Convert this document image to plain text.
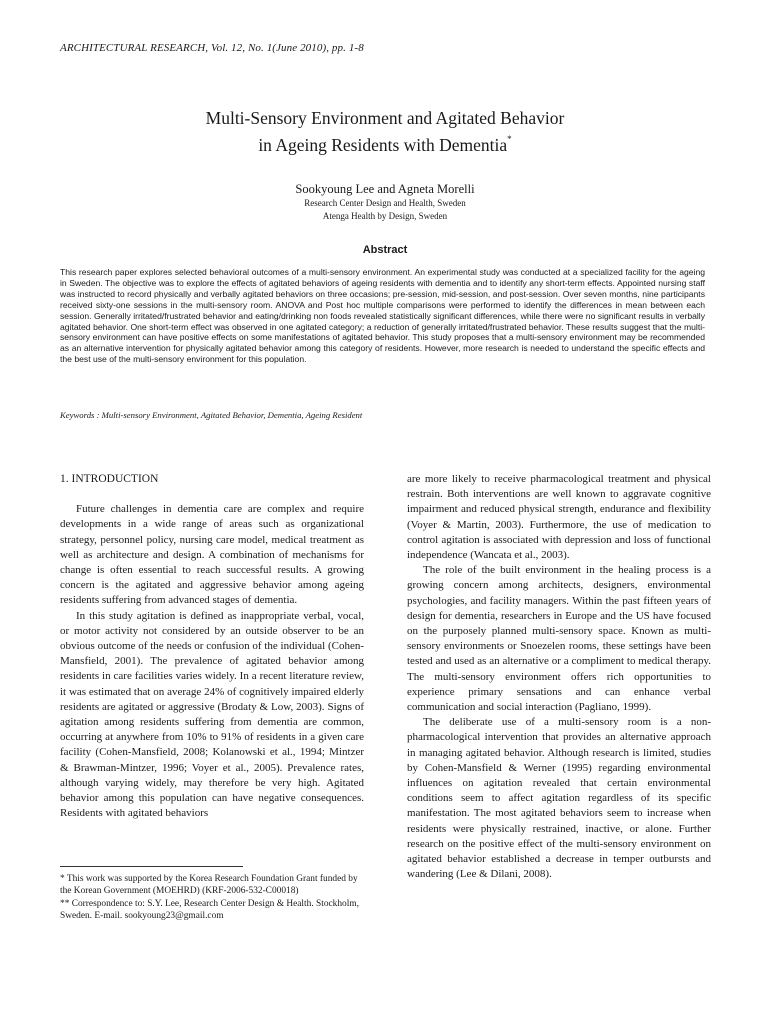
ARCHITECTURAL RESEARCH, Vol. 12, No. 1(June 2010), pp. 1-8
Multi-Sensory Environment and Agitated Behavior
in Ageing Residents with Dementia*
Sookyoung Lee and Agneta Morelli
Research Center Design and Health, Sweden
Atenga Health by Design, Sweden
Abstract
This research paper explores selected behavioral outcomes of a multi-sensory environment. An experimental study was conducted at a specialized facility for the ageing in Sweden. The objective was to explore the effects of agitated behaviors of ageing residents with dementia and to identify any short-term effects. Appointed nursing staff was instructed to record physically and verbally agitated behaviors on three occasions; pre-session, mid-session, and post-session. Over seven months, nine participants received sixty-one sessions in the multi-sensory room. ANOVA and Post hoc multiple comparisons were performed to identify the differences in mean between each session. Generally irritated/frustrated behavior and eating/drinking non foods revealed statistically significant differences, while there were no significant results in verbally agitated behavior. One short-term effect was observed in one agitated category; a reduction of generally irritated/frustrated behavior. These results suggest that the multi-sensory environment can have positive effects on some manifestations of agitated behavior. This study proposes that a multi-sensory environment may be recommended as an alternative intervention for physically agitated behavior among this category of residents. However, more research is needed to understand the specific effects and the best use of the multi-sensory environment for this population.
Keywords : Multi-sensory Environment, Agitated Behavior, Dementia, Ageing Resident
1. INTRODUCTION

Future challenges in dementia care are complex and require developments in a wide range of areas such as organizational strategy, personnel policy, nursing care model, medical treatment as well as architecture and design. A combination of mechanisms for change is often essential to reach successful results. A growing concern is the agitated and aggressive behavior among ageing residents suffering from advanced stages of dementia.

In this study agitation is defined as inappropriate verbal, vocal, or motor activity not considered by an outside observer to be an obvious outcome of the needs or confusion of the individual (Cohen-Mansfield, 2001). The prevalence of agitated behavior among residents in care facilities varies widely. In a recent literature review, it was estimated that on average 24% of cognitively impaired elderly residents are agitated or aggressive (Brodaty & Low, 2003). Signs of agitation among residents suffering from dementia are common, occurring at anywhere from 10% to 91% of residents in a given care facility (Cohen-Mansfield, 2008; Kolanowski et al., 1994; Mintzer & Brawman-Mintzer, 1996; Voyer et al., 2005). Prevalence rates, although varying widely, may therefore be very high. Agitated behavior among this population can have negative consequences. Residents with agitated behaviors

are more likely to receive pharmacological treatment and physical restrain. Both interventions are well known to aggravate cognitive impairment and reduced physical strength, endurance and flexibility (Voyer & Martin, 2003). Furthermore, the use of medication to control agitation is associated with depression and loss of functional independence (Wancata et al., 2003).

The role of the built environment in the healing process is a growing concern among architects, designers, environmental psychologies, and facility managers. Within the past fifteen years of design for dementia, researchers in Europe and the US have focused on the purposely planned multi-sensory space. Known as multi-sensory environments or Snoezelen rooms, these settings have been tested and used as an alternative or a compliment to medical therapy. The multi-sensory environment offers rich opportunities to experience primary sensations and can enhance verbal communication and social interaction (Pagliano, 1999).

The deliberate use of a multi-sensory room is a non-pharmacological intervention that provides an alternative approach in managing agitated behavior. Although research is limited, studies by Cohen-Mansfield & Werner (1995) regarding environmental influences on agitation revealed that certain environmental conditions seem to affect agitation regardless of its specific manifestation. The most agitated behaviors seem to increase when residents were physically restrained, inactive, or alone. Further research on the positive effect of the multi-sensory environment on agitated behavior established a decrease in temper outbursts and wandering (Lee & Dilani, 2008).

* This work was supported by the Korea Research Foundation Grant funded by the Korean Government (MOEHRD) (KRF-2006-532-C00018)
** Correspondence to: S.Y. Lee, Research Center Design & Health. Stockholm, Sweden. E-mail. sookyoung23@gmail.com
